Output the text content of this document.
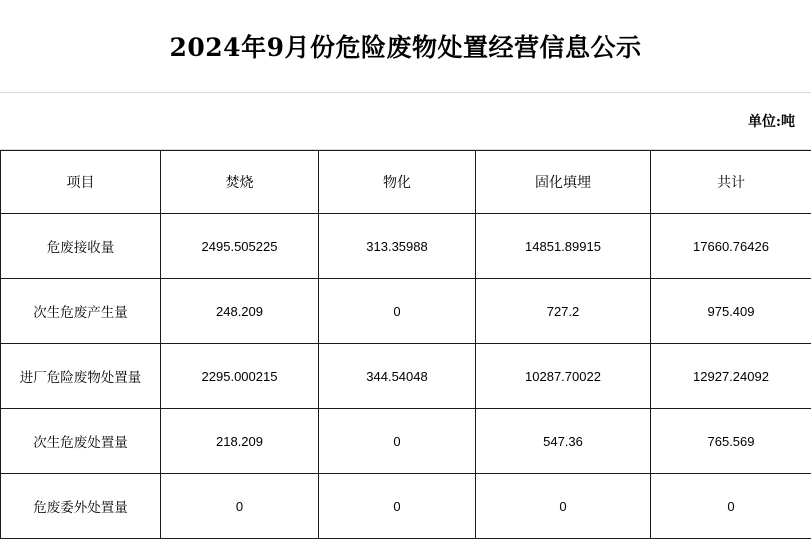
2024年9月份危险废物处置经营信息公示
单位:吨
项目	焚烧	物化	固化填埋	共计
危废接收量	2495.505225	313.35988	14851.89915	17660.76426
次生危废产生量	248.209	0	727.2	975.409
进厂危险废物处置量	2295.000215	344.54048	10287.70022	12927.24092
次生危废处置量	218.209	0	547.36	765.569
危废委外处置量	0	0	0	0
